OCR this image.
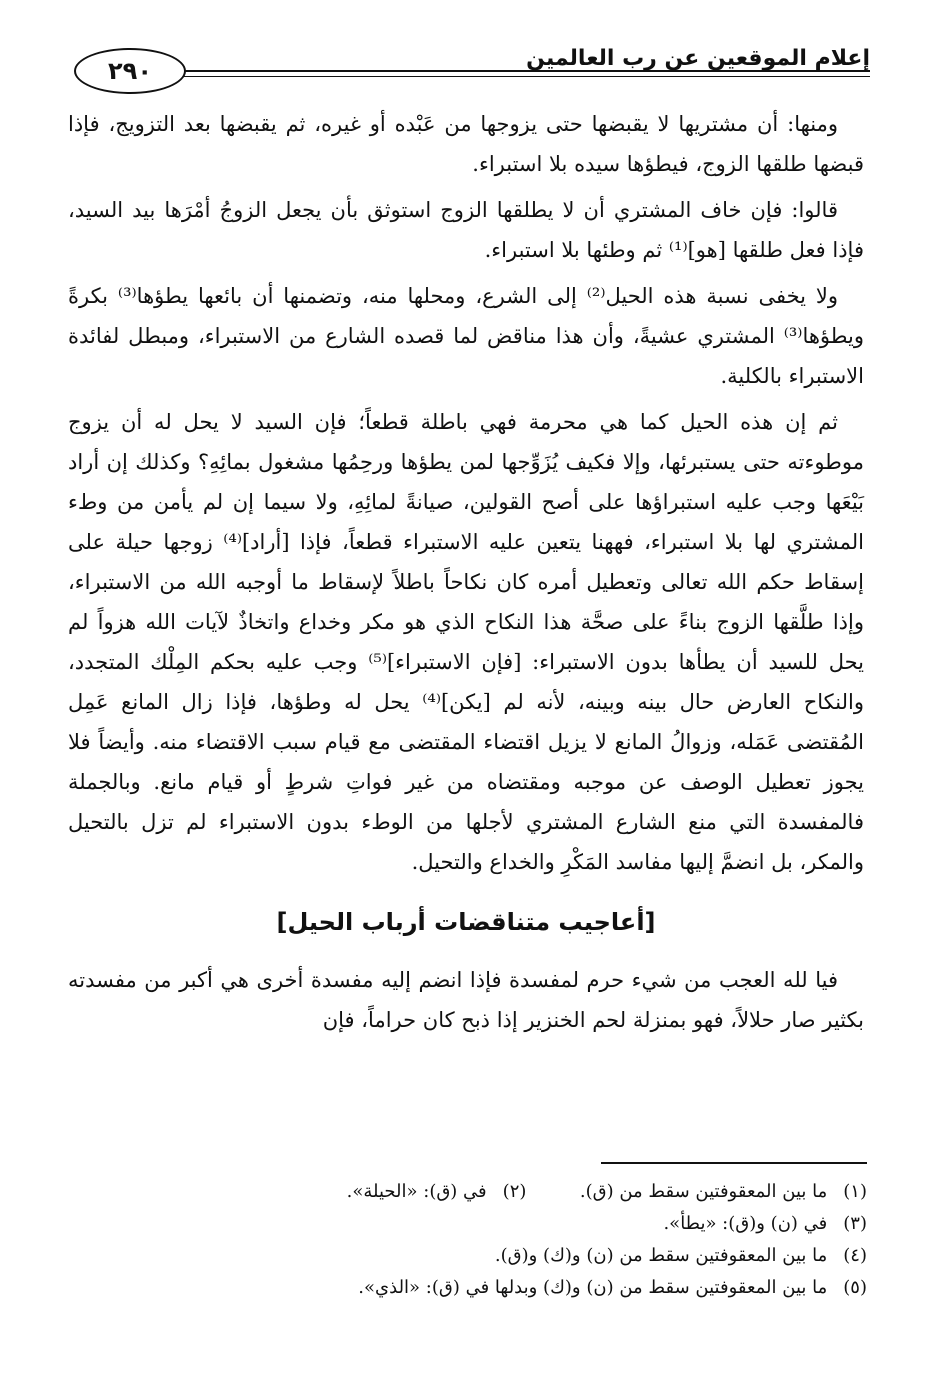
إعلام الموقعين عن رب العالمين
٢٩٠

ومنها: أن مشتريها لا يقبضها حتى يزوجها من عَبْده أو غيره، ثم يقبضها بعد التزويج، فإذا قبضها طلقها الزوج، فيطؤها سيده بلا استبراء.

قالوا: فإن خاف المشتري أن لا يطلقها الزوج استوثق بأن يجعل الزوجُ أمْرَها بيد السيد، فإذا فعل طلقها [هو]⁽¹⁾ ثم وطئها بلا استبراء.

ولا يخفى نسبة هذه الحيل⁽²⁾ إلى الشرع، ومحلها منه، وتضمنها أن بائعها يطؤها⁽³⁾ بكرةً ويطؤها⁽³⁾ المشتري عشيةً، وأن هذا مناقض لما قصده الشارع من الاستبراء، ومبطل لفائدة الاستبراء بالكلية.

ثم إن هذه الحيل كما هي محرمة فهي باطلة قطعاً؛ فإن السيد لا يحل له أن يزوج موطوءته حتى يستبرئها، وإلا فكيف يُزَوِّجها لمن يطؤها ورحِمُها مشغول بمائِهِ؟ وكذلك إن أراد بَيْعَها وجب عليه استبراؤها على أصح القولين، صيانةً لمائِهِ، ولا سيما إن لم يأمن من وطء المشتري لها بلا استبراء، فههنا يتعين عليه الاستبراء قطعاً، فإذا [أراد]⁽⁴⁾ زوجها حيلة على إسقاط حكم الله تعالى وتعطيل أمره كان نكاحاً باطلاً لإسقاط ما أوجبه الله من الاستبراء، وإذا طلَّقها الزوج بناءً على صحَّة هذا النكاح الذي هو مكر وخداع واتخاذٌ لآيات الله هزواً لم يحل للسيد أن يطأها بدون الاستبراء: [فإن الاستبراء]⁽⁵⁾ وجب عليه بحكم المِلْك المتجدد، والنكاح العارض حال بينه وبينه، لأنه لم [يكن]⁽⁴⁾ يحل له وطؤها، فإذا زال المانع عَمِل المُقتضى عَمَله، وزوالُ المانع لا يزيل اقتضاء المقتضى مع قيام سبب الاقتضاء منه. وأيضاً فلا يجوز تعطيل الوصف عن موجبه ومقتضاه من غير فواتِ شرطٍ أو قيام مانع. وبالجملة فالمفسدة التي منع الشارع المشتري لأجلها من الوطء بدون الاستبراء لم تزل بالتحيل والمكر، بل انضمَّ إليها مفاسد المَكْرِ والخداع والتحيل.

[أعاجيب متناقضات أرباب الحيل]

فيا لله العجب من شيء حرم لمفسدة فإذا انضم إليه مفسدة أخرى هي أكبر من مفسدته بكثير صار حلالاً، فهو بمنزلة لحم الخنزير إذا ذبح كان حراماً، فإن

(١) ما بين المعقوفتين سقط من (ق).  (٢) في (ق): «الحيلة».
(٣) في (ن) و(ق): «يطأ».
(٤) ما بين المعقوفتين سقط من (ن) و(ك) و(ق).
(٥) ما بين المعقوفتين سقط من (ن) و(ك) وبدلها في (ق): «الذي».
